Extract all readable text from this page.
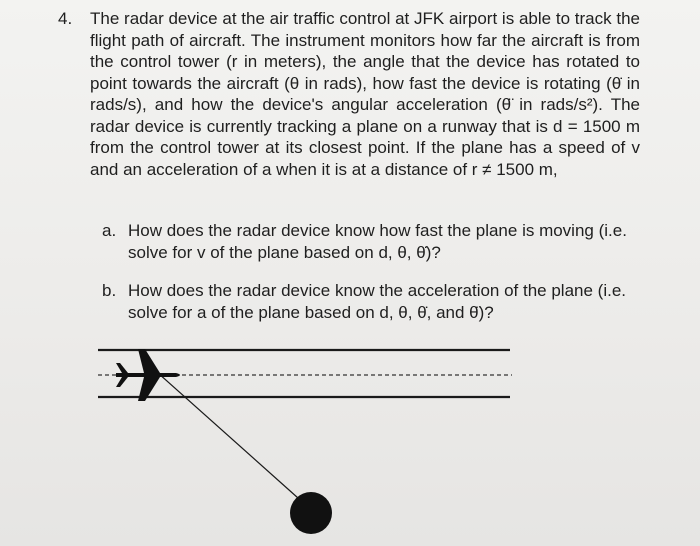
4. The radar device at the air traffic control at JFK airport is able to track the flight path of aircraft. The instrument monitors how far the aircraft is from the control tower (r in meters), the angle that the device has rotated to point towards the aircraft (θ in rads), how fast the device is rotating (θ̇ in rads/s), and how the device's angular acceleration (θ̈ in rads/s²). The radar device is currently tracking a plane on a runway that is d = 1500 m from the control tower at its closest point. If the plane has a speed of v and an acceleration of a when it is at a distance of r ≠ 1500 m,
a. How does the radar device know how fast the plane is moving (i.e. solve for v of the plane based on d, θ, θ̇)?
b. How does the radar device know the acceleration of the plane (i.e. solve for a of the plane based on d, θ, θ̇, and θ̈)?
